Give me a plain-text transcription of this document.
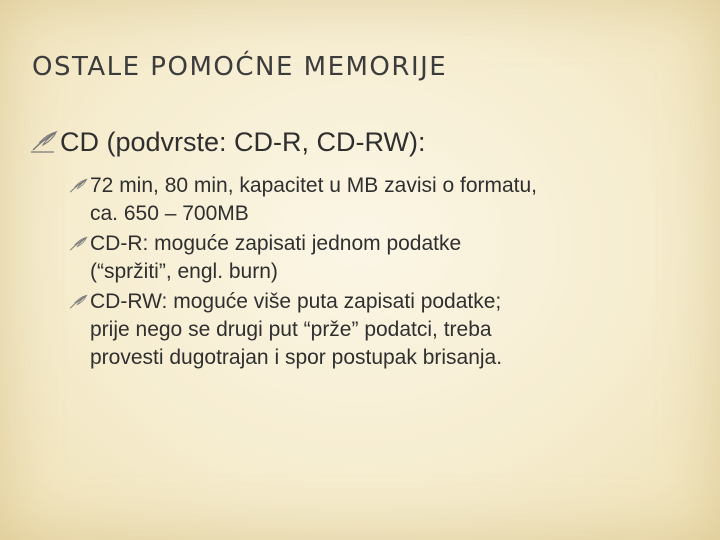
OSTALE POMOĆNE MEMORIJE
CD (podvrste: CD-R, CD-RW):
72 min, 80 min, kapacitet u MB zavisi o formatu,
ca. 650 – 700MB
CD-R: moguće zapisati jednom podatke
(“spržiti”, engl. burn)
CD-RW: moguće više puta zapisati podatke;
prije nego se drugi put “prže” podatci, treba
provesti dugotrajan i spor postupak brisanja.
